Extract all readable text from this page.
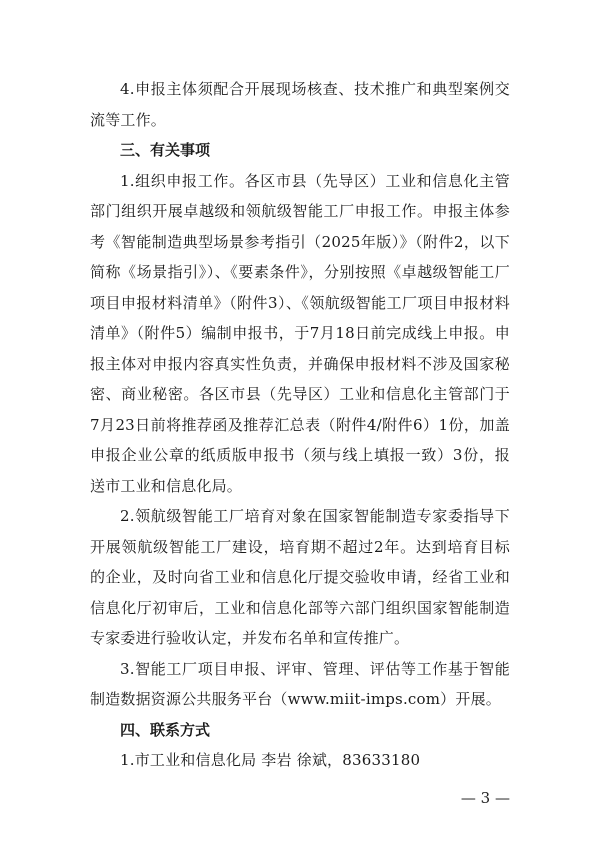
4.申报主体须配合开展现场核查、技术推广和典型案例交流等工作。

三、有关事项

1.组织申报工作。各区市县（先导区）工业和信息化主管部门组织开展卓越级和领航级智能工厂申报工作。申报主体参考《智能制造典型场景参考指引（2025年版）》（附件2，以下简称《场景指引》）、《要素条件》，分别按照《卓越级智能工厂项目申报材料清单》（附件3）、《领航级智能工厂项目申报材料清单》（附件5）编制申报书，于7月18日前完成线上申报。申报主体对申报内容真实性负责，并确保申报材料不涉及国家秘密、商业秘密。各区市县（先导区）工业和信息化主管部门于7月23日前将推荐函及推荐汇总表（附件4/附件6）1份，加盖申报企业公章的纸质版申报书（须与线上填报一致）3份，报送市工业和信息化局。

2.领航级智能工厂培育对象在国家智能制造专家委指导下开展领航级智能工厂建设，培育期不超过2年。达到培育目标的企业，及时向省工业和信息化厅提交验收申请，经省工业和信息化厅初审后，工业和信息化部等六部门组织国家智能制造专家委进行验收认定，并发布名单和宣传推广。

3.智能工厂项目申报、评审、管理、评估等工作基于智能制造数据资源公共服务平台（www.miit-imps.com）开展。

四、联系方式

1.市工业和信息化局 李岩 徐斌，83633180

— 3 —
